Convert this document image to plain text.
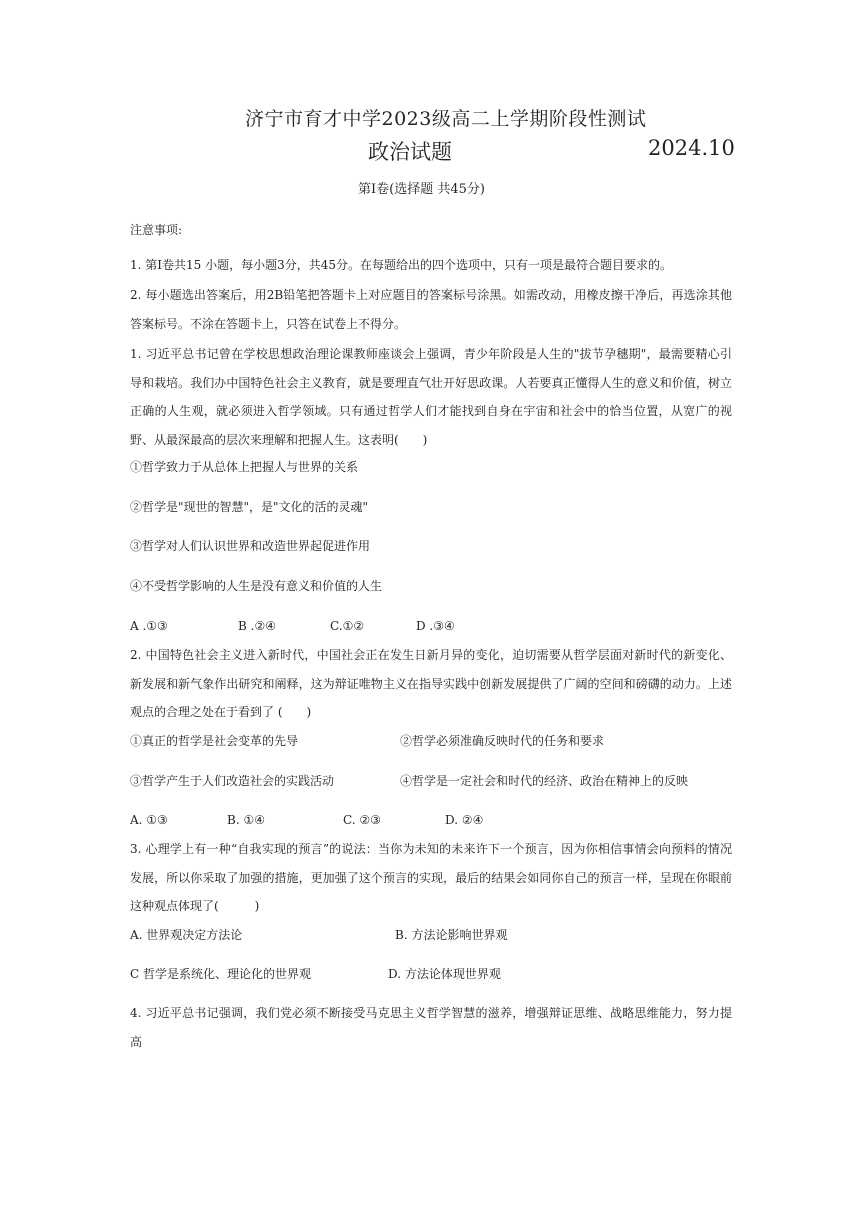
济宁市育才中学2023级高二上学期阶段性测试
政治试题	2024.10
第Ⅰ卷(选择题 共45分)
注意事项:
1. 第Ⅰ卷共15 小题，每小题3分，共45分。在每题给出的四个选项中，只有一项是最符合题目要求的。
2. 每小题选出答案后，用2B铅笔把答题卡上对应题目的答案标号涂黑。如需改动，用橡皮擦干净后，再选涂其他答案标号。不涂在答题卡上，只答在试卷上不得分。
1. 习近平总书记曾在学校思想政治理论课教师座谈会上强调，青少年阶段是人生的"拔节孕穗期"，最需要精心引导和栽培。我们办中国特色社会主义教育，就是要理直气壮开好思政课。人若要真正懂得人生的意义和价值，树立正确的人生观，就必须进入哲学领域。只有通过哲学人们才能找到自身在宇宙和社会中的恰当位置，从宽广的视野、从最深最高的层次来理解和把握人生。这表明(　　)
①哲学致力于从总体上把握人与世界的关系
②哲学是"现世的智慧"，是"文化的活的灵魂"
③哲学对人们认识世界和改造世界起促进作用
④不受哲学影响的人生是没有意义和价值的人生
A .①③	B .②④	C.①②	D .③④
2. 中国特色社会主义进入新时代，中国社会正在发生日新月异的变化，迫切需要从哲学层面对新时代的新变化、新发展和新气象作出研究和阐释，这为辩证唯物主义在指导实践中创新发展提供了广阔的空间和磅礴的动力。上述观点的合理之处在于看到了 (　　)
①真正的哲学是社会变革的先导	②哲学必须准确反映时代的任务和要求
③哲学产生于人们改造社会的实践活动	④哲学是一定社会和时代的经济、政治在精神上的反映
A. ①③	B. ①④	C. ②③	D. ②④
3. 心理学上有一种“自我实现的预言”的说法：当你为未知的未来许下一个预言，因为你相信事情会向预料的情况发展，所以你采取了加强的措施，更加强了这个预言的实现，最后的结果会如同你自己的预言一样，呈现在你眼前这种观点体现了(　　　)
A. 世界观决定方法论	B. 方法论影响世界观
C 哲学是系统化、理论化的世界观	D. 方法论体现世界观
4. 习近平总书记强调，我们党必须不断接受马克思主义哲学智慧的滋养，增强辩证思维、战略思维能力，努力提高
